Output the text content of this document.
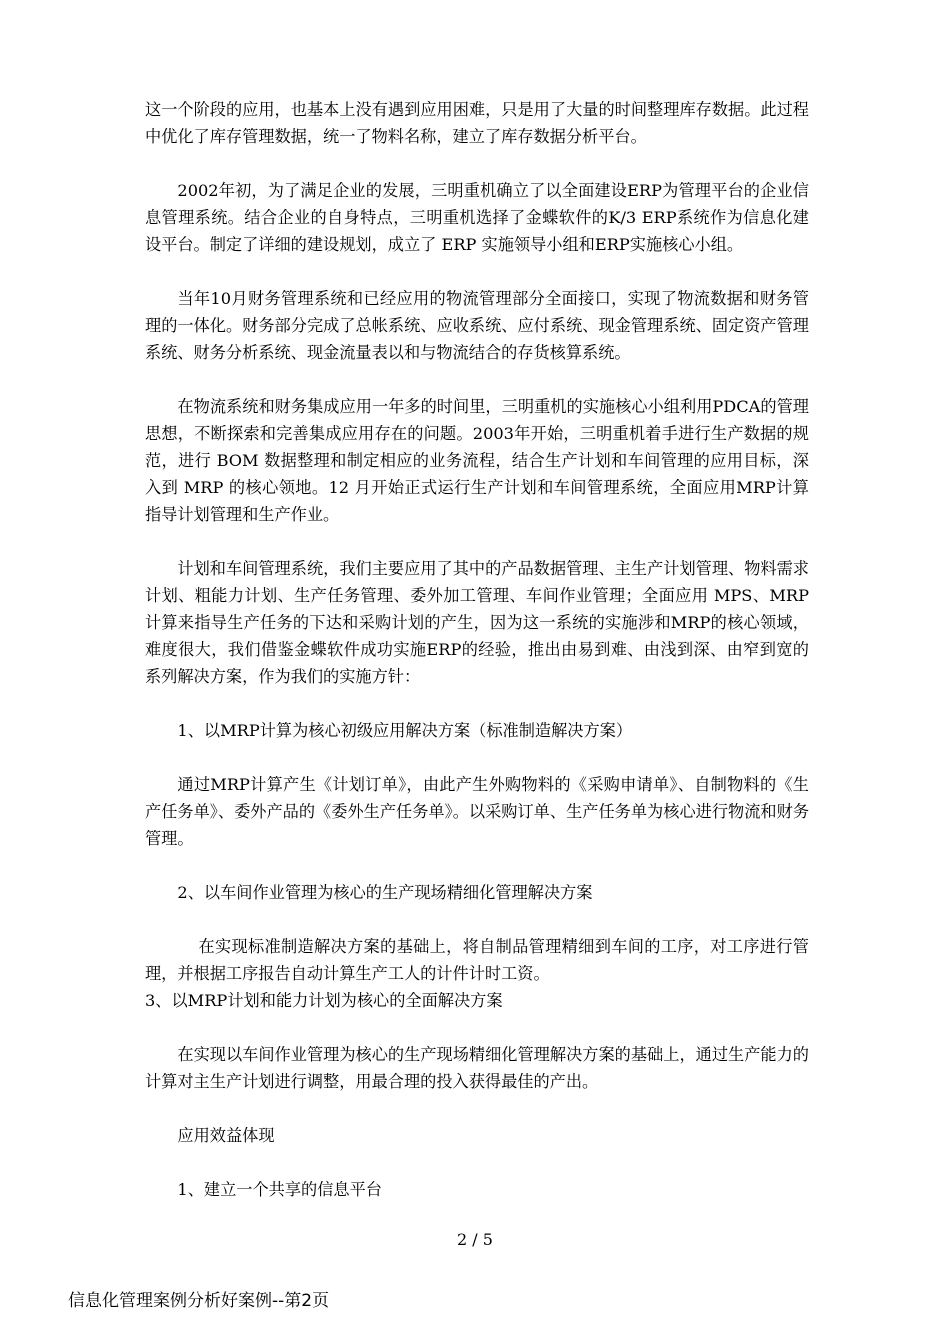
这一个阶段的应用，也基本上没有遇到应用困难，只是用了大量的时间整理库存数据。此过程中优化了库存管理数据，统一了物料名称，建立了库存数据分析平台。

2002年初，为了满足企业的发展，三明重机确立了以全面建设ERP为管理平台的企业信息管理系统。结合企业的自身特点，三明重机选择了金蝶软件的K/3 ERP系统作为信息化建设平台。制定了详细的建设规划，成立了 ERP 实施领导小组和ERP实施核心小组。

当年10月财务管理系统和已经应用的物流管理部分全面接口，实现了物流数据和财务管理的一体化。财务部分完成了总帐系统、应收系统、应付系统、现金管理系统、固定资产管理系统、财务分析系统、现金流量表以和与物流结合的存货核算系统。

在物流系统和财务集成应用一年多的时间里，三明重机的实施核心小组利用PDCA的管理思想，不断探索和完善集成应用存在的问题。2003年开始，三明重机着手进行生产数据的规范，进行 BOM 数据整理和制定相应的业务流程，结合生产计划和车间管理的应用目标，深入到 MRP 的核心领地。12 月开始正式运行生产计划和车间管理系统，全面应用MRP计算指导计划管理和生产作业。

计划和车间管理系统，我们主要应用了其中的产品数据管理、主生产计划管理、物料需求计划、粗能力计划、生产任务管理、委外加工管理、车间作业管理；全面应用 MPS、MRP 计算来指导生产任务的下达和采购计划的产生，因为这一系统的实施涉和MRP的核心领域，难度很大，我们借鉴金蝶软件成功实施ERP的经验，推出由易到难、由浅到深、由窄到宽的系列解决方案，作为我们的实施方针：

1、以MRP计算为核心初级应用解决方案（标准制造解决方案）

通过MRP计算产生《计划订单》，由此产生外购物料的《采购申请单》、自制物料的《生产任务单》、委外产品的《委外生产任务单》。以采购订单、生产任务单为核心进行物流和财务管理。

2、以车间作业管理为核心的生产现场精细化管理解决方案

在实现标准制造解决方案的基础上，将自制品管理精细到车间的工序，对工序进行管理，并根据工序报告自动计算生产工人的计件计时工资。

3、以MRP计划和能力计划为核心的全面解决方案

在实现以车间作业管理为核心的生产现场精细化管理解决方案的基础上，通过生产能力的计算对主生产计划进行调整，用最合理的投入获得最佳的产出。

应用效益体现

1、建立一个共享的信息平台

2 / 5
信息化管理案例分析好案例--第2页
